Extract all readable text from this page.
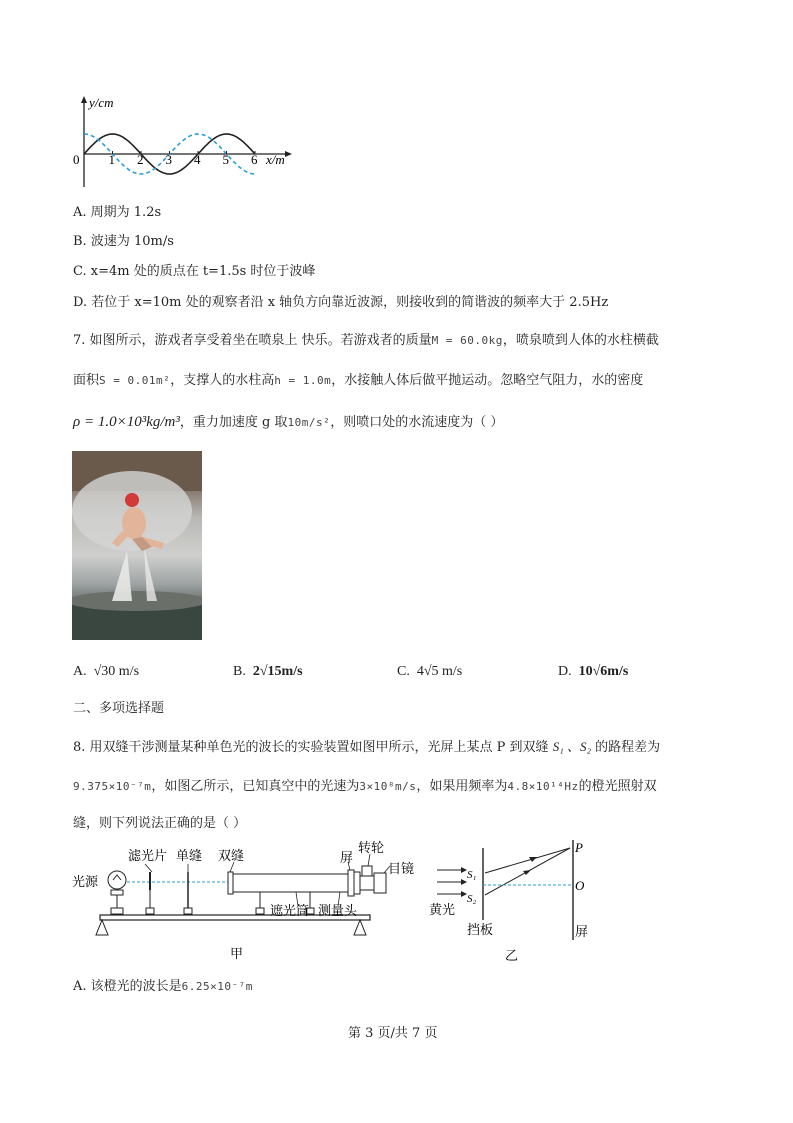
y/cm
0	x/m
1 2 3 4 5 6
A. 周期为 1.2s
B. 波速为 10m/s
C. x=4m 处的质点在 t=1.5s 时位于波峰
D. 若位于 x=10m 处的观察者沿 x 轴负方向靠近波源，则接收到的简谐波的频率大于 2.5Hz
7. 如图所示，游戏者享受着坐在喷泉上 快乐。若游戏者的质量M = 60.0kg，喷泉喷到人体的水柱横截
面积S = 0.01m²，支撑人的水柱高h = 1.0m，水接触人体后做平抛运动。忽略空气阻力，水的密度
ρ = 1.0×10³kg/m³，重力加速度 g 取10m/s²，则喷口处的水流速度为（ ）
A. √30 m/s	B. 2√15m/s	C. 4√5 m/s	D. 10√6m/s
二、多项选择题
8. 用双缝干涉测量某种单色光的波长的实验装置如图甲所示，光屏上某点 P 到双缝 S₁ 、S₂ 的路程差为
9.375×10⁻⁷m，如图乙所示，已知真空中的光速为3×10⁸m/s，如果用频率为4.8×10¹⁴Hz的橙光照射双
缝，则下列说法正确的是（ ）
滤光片 单缝 双缝	屏
转轮
目镜
光源
遮光筒 测量头
甲
S₁
S₂
P
O
黄光
挡板	屏
乙
A. 该橙光的波长是6.25×10⁻⁷m
第 3 页/共 7 页
